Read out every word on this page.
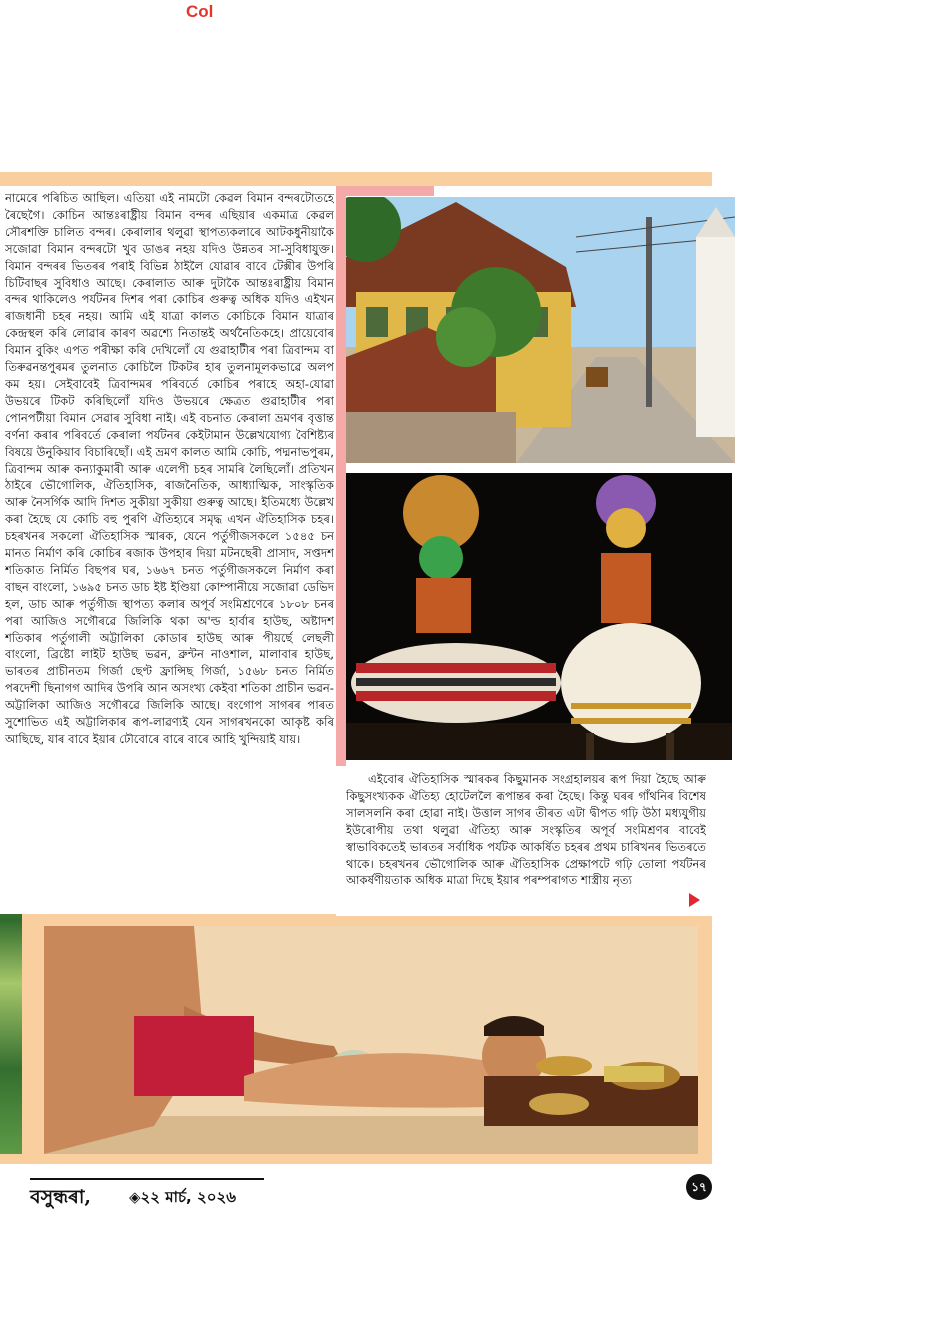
Col
নামেৰে পৰিচিত আছিল। এতিয়া এই নামটো কেৱল বিমান বন্দৰটোতহে ৰৈছেগৈ। কোচিন আন্তঃৰাষ্ট্ৰীয় বিমান বন্দৰ এছিয়াৰ একমাত্ৰ কেৱল সৌৰশক্তি চালিত বন্দৰ। কেৰালাৰ থলুৱা স্থাপত্যকলাৰে আটকধুনীয়াকৈ সজোৱা বিমান বন্দৰটো খুব ডাঙৰ নহয় যদিও উন্নতৰ সা-সুবিধাযুক্ত। বিমান বন্দৰৰ ভিতৰৰ পৰাই বিভিন্ন ঠাইলৈ যোৱাৰ বাবে টেক্সীৰ উপৰি চিটিবাছৰ সুবিধাও আছে। কেৰালাত আৰু দুটাকৈ আন্তঃৰাষ্ট্ৰীয় বিমান বন্দৰ থাকিলেও পৰ্যটনৰ দিশৰ পৰা কোচিৰ গুৰুত্ব অধিক যদিও এইখন ৰাজধানী চহৰ নহয়। আমি এই যাত্ৰা কালত কোচিকে বিমান যাত্ৰাৰ কেন্দ্ৰস্থল কৰি লোৱাৰ কাৰণ অৱশ্যে নিতান্তই অৰ্থনৈতিকহে। প্ৰায়েবোৰ বিমান বুকিং এপত পৰীক্ষা কৰি দেখিলোঁ যে গুৱাহাটীৰ পৰা ত্ৰিবান্দম বা তিৰুৱনন্তপুৰমৰ তুলনাত কোচিলৈ টিকটৰ হাৰ তুলনামূলকভাৱে অলপ কম হয়। সেইবাবেই ত্ৰিবান্দমৰ পৰিবৰ্তে কোচিৰ পৰাহে অহা-যোৱা উভয়ৰে টিকট কৰিছিলোঁ যদিও উভয়ৰে ক্ষেত্ৰত গুৱাহাটীৰ পৰা পোনপটীয়া বিমান সেৱাৰ সুবিধা নাই। এই বচনাত কেৰালা ভ্ৰমণৰ বৃত্তান্ত বৰ্ণনা কৰাৰ পৰিবৰ্তে কেৰালা পৰ্যটনৰ কেইটামান উল্লেখযোগ্য বৈশিষ্ট্যৰ বিষয়ে উনুকিয়াব বিচাৰিছোঁ। এই ভ্ৰমণ কালত আমি কোচি, পদ্মনাভপুৰম, ত্ৰিবান্দম আৰু কন্যাকুমাৰী আৰু এলেপী চহৰ সামৰি লৈছিলোঁ। প্ৰতিখন ঠাইৰে ভৌগোলিক, ঐতিহাসিক, ৰাজনৈতিক, আধ্যাত্মিক, সাংস্কৃতিক আৰু নৈসৰ্গিক আদি দিশত সুকীয়া সুকীয়া গুৰুত্ব আছে। ইতিমধ্যে উল্লেখ কৰা হৈছে যে কোচি বহু পুৰণি ঐতিহ্যৰে সমৃদ্ধ এখন ঐতিহাসিক চহৰ। চহৰখনৰ সকলো ঐতিহাসিক স্মাৰক, যেনে পৰ্তুগীজসকলে ১৫৪৫ চন মানত নিৰ্মাণ কৰি কোচিৰ ৰজাক উপহাৰ দিয়া মটনছেৰী প্ৰাসাদ, সপ্তদশ শতিকাত নিৰ্মিত বিছপৰ ঘৰ, ১৬৬৭ চনত পৰ্তুগীজসকলে নিৰ্মাণ কৰা বাছন বাংলো, ১৬৯৫ চনত ডাচ ইষ্ট ইণ্ডিয়া কোম্পানীয়ে সজোৱা ডেভিদ হল, ডাচ আৰু পৰ্তুগীজ স্থাপত্য কলাৰ অপূৰ্ব সংমিশ্ৰণেৰে ১৮০৮ চনৰ পৰা আজিও সগৌৰৱে জিলিকি থকা অ'ল্ড হাৰ্বাৰ হাউছ, অষ্টাদশ শতিকাৰ পৰ্তুগালী অট্টালিকা কোডাৰ হাউছ আৰু পীয়ৰ্ছে লেছলী বাংলো, ব্ৰিষ্টো লাইট হাউছ ভৱন, ব্ৰুন্টন নাওশাল, মালাবাৰ হাউছ, ভাৰতৰ প্ৰাচীনতম গিৰ্জা ছেণ্ট ফ্ৰান্সিছ গিৰ্জা, ১৫৬৮ চনত নিৰ্মিত পৰদেশী ছিনাগগ আদিৰ উপৰি আন অসংখ্য কেইবা শতিকা প্ৰাচীন ভৱন-অট্টালিকা আজিও সগৌৰৱে জিলিকি আছে। বংগোপ সাগৰৰ পাৰত সুশোভিত এই অট্টালিকাৰ ৰূপ-লাৱণ্যই যেন সাগৰখনকো আকৃষ্ট কৰি আছিছে, যাৰ বাবে ইয়াৰ ঢৌবোৰে বাৰে বাৰে আহি খুন্দিয়াই যায়।
এইবোৰ ঐতিহাসিক স্মাৰকৰ কিছুমানক সংগ্ৰহালয়ৰ ৰূপ দিয়া হৈছে আৰু কিছুসংখ্যকক ঐতিহ্য হোটেললৈ ৰূপান্তৰ কৰা হৈছে। কিন্তু ঘৰৰ গাঁথনিৰ বিশেষ সালসলনি কৰা হোৱা নাই। উত্তাল সাগৰ তীৰত এটা দ্বীপত গঢ়ি উঠা মধ্যযুগীয় ইউৰোপীয় তথা থলুৱা ঐতিহ্য আৰু সংস্কৃতিৰ অপূৰ্ব সংমিশ্ৰণৰ বাবেই স্বাভাবিকতেই ভাৰতৰ সৰ্বাধিক পৰ্যটক আকৰ্ষিত চহৰৰ প্ৰথম চাৰিখনৰ ভিতৰতে থাকে। চহৰখনৰ ভৌগোলিক আৰু ঐতিহাসিক প্ৰেক্ষাপটে গঢ়ি তোলা পৰ্যটনৰ আকৰ্ষণীয়তাক অধিক মাত্ৰা দিছে ইয়াৰ পৰম্পৰাগত শাস্ত্ৰীয় নৃত্য
বসুন্ধৰা,	◈২২ মাৰ্চ, ২০২৬
১৭
